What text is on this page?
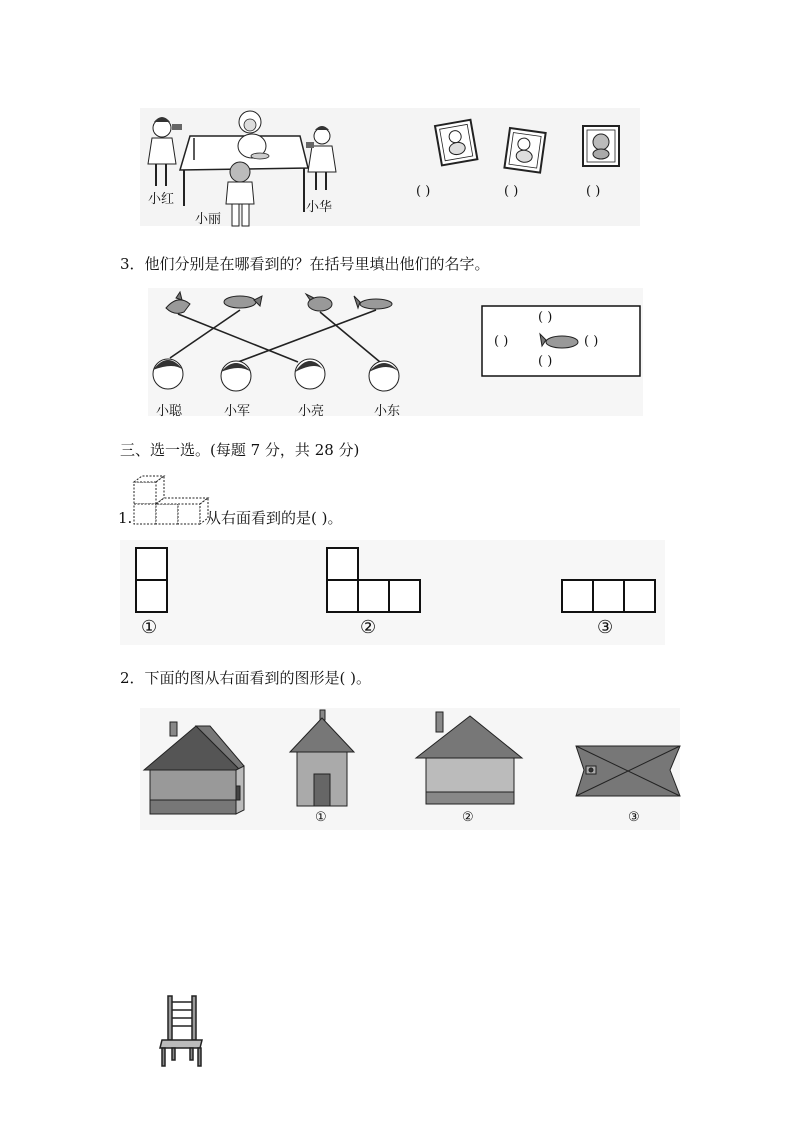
小红
小丽
小华
( )	( )	( )
3．他们分别是在哪看到的？在括号里填出他们的名字。
小聪	小军	小亮	小东
( )
( )	( )
( )
三、选一选。(每题 7 分，共 28 分)
1.	从右面看到的是( )。
①	②	③
2．下面的图从右面看到的图形是( )。
①	②	③
